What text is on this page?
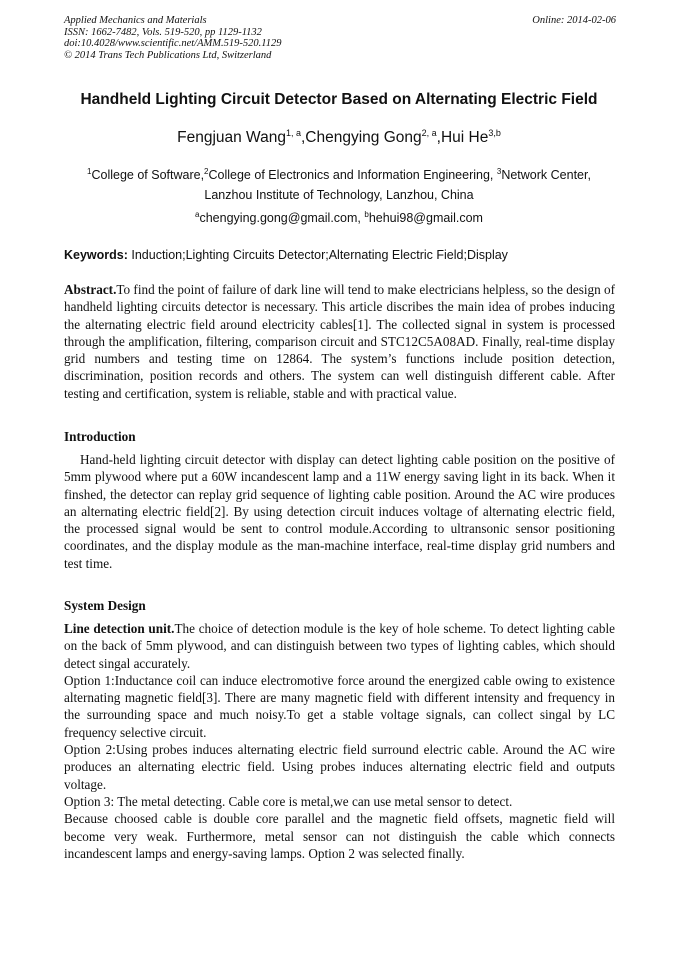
Applied Mechanics and Materials
ISSN: 1662-7482, Vols. 519-520, pp 1129-1132
doi:10.4028/www.scientific.net/AMM.519-520.1129
© 2014 Trans Tech Publications Ltd, Switzerland
Online: 2014-02-06
Handheld Lighting Circuit Detector Based on Alternating Electric Field
Fengjuan Wang$^{1, a}$,Chengying Gong$^{2, a}$,Hui He$^{3,b}$
$^1$College of Software,$^2$College of Electronics and Information Engineering, $^3$Network Center,
Lanzhou Institute of Technology, Lanzhou, China
$^a$chengying.gong@gmail.com, $^b$hehui98@gmail.com
Keywords: Induction;Lighting Circuits Detector;Alternating Electric Field;Display
Abstract.To find the point of failure of dark line will tend to make electricians helpless, so the design of handheld lighting circuits detector is necessary. This article discribes the main idea of probes inducing the alternating electric field around electricity cables[1]. The collected signal in system is processed through the amplification, filtering, comparison circuit and STC12C5A08AD. Finally, real-time display grid numbers and testing time on 12864. The system’s functions include position detection, discrimination, position records and others. The system can well distinguish different cable. After testing and certification, system is reliable, stable and with practical value.
Introduction
Hand-held lighting circuit detector with display can detect lighting cable position on the positive of 5mm plywood where put a 60W incandescent lamp and a 11W energy saving light in its back. When it finshed, the detector can replay grid sequence of lighting cable position. Around the AC wire produces an alternating electric field[2]. By using detection circuit induces voltage of alternating electric field, the processed signal would be sent to control module.According to ultransonic sensor positioning coordinates, and the display module as the man-machine interface, real-time display grid numbers and test time.
System Design

Line detection unit.The choice of detection module is the key of hole scheme. To detect lighting cable on the back of 5mm plywood, and can distinguish between two types of lighting cables, which should detect singal accurately.

Option 1:Inductance coil can induce electromotive force around the energized cable owing to existence alternating magnetic field[3]. There are many magnetic field with different intensity and frequency in the surrounding space and much noisy.To get a stable voltage signals, can collect singal by LC frequency selective circuit.

Option 2:Using probes induces alternating electric field surround electric cable. Around the AC wire produces an alternating electric field. Using probes induces alternating electric field and outputs voltage.

Option 3: The metal detecting. Cable core is metal,we can use metal sensor to detect.

Because choosed cable is double core parallel and the magnetic field offsets, magnetic field will become very weak. Furthermore, metal sensor can not distinguish the cable which connects incandescent lamps and energy-saving lamps. Option 2 was selected finally.
